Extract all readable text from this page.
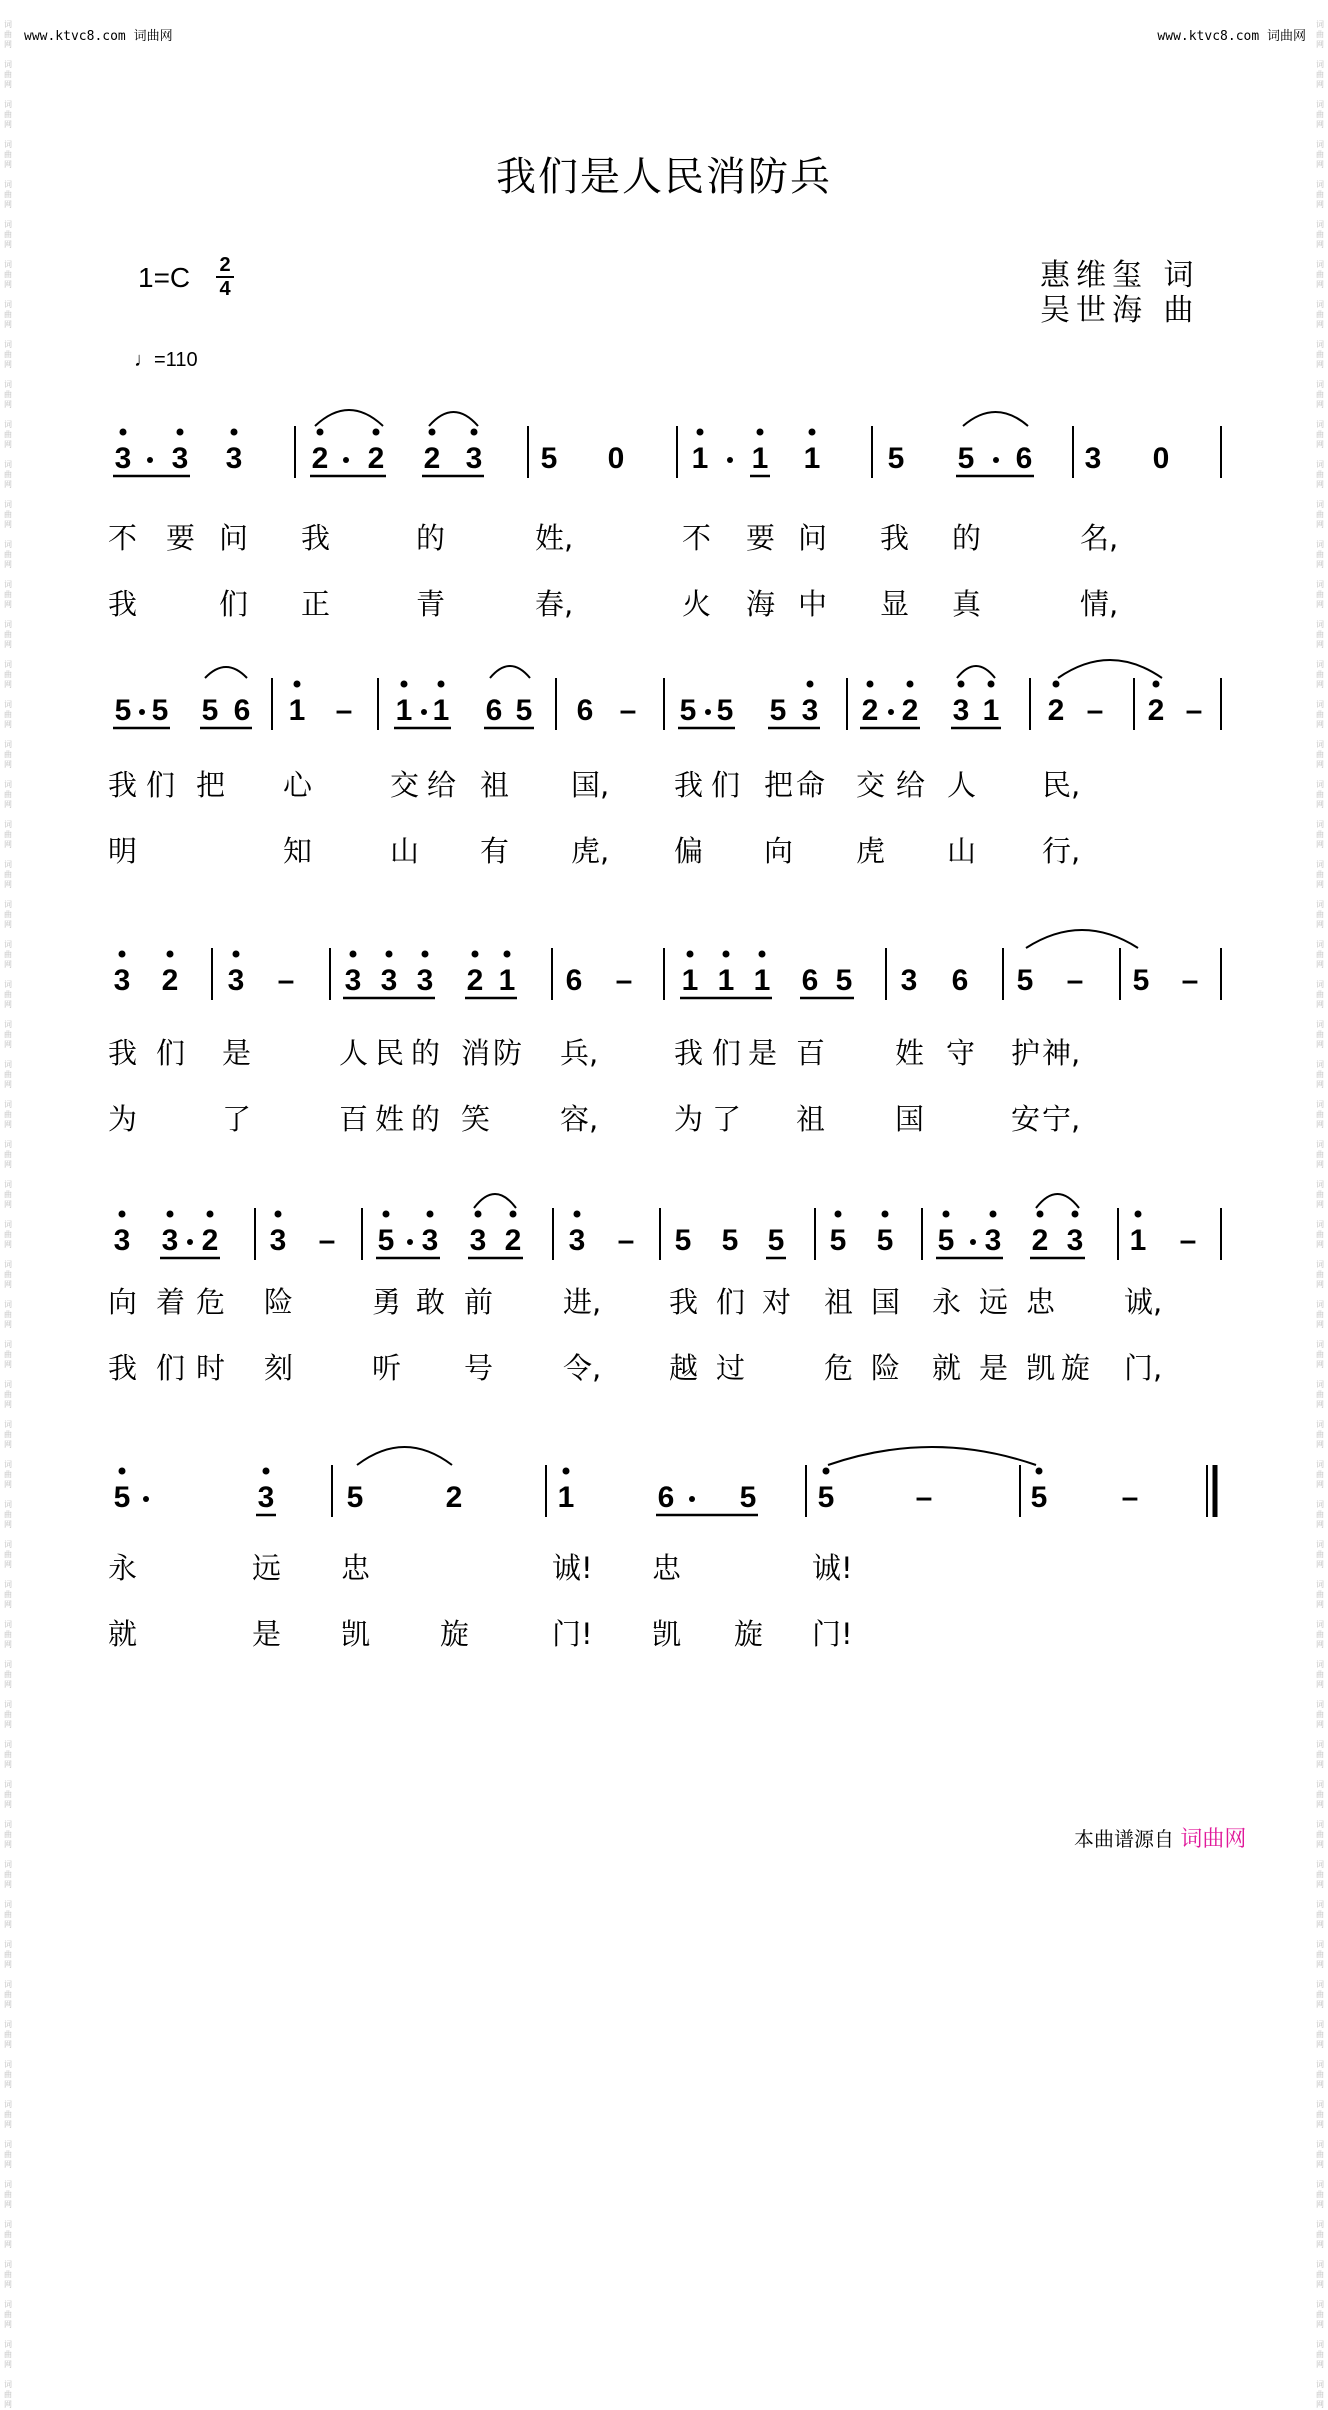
词
曲
网

词
曲
网

词
曲
网

词
曲
网

词
曲
网

词
曲
网

词
曲
网

词
曲
网

词
曲
网

词
曲
网

词
曲
网

词
曲
网

词
曲
网

词
曲
网

词
曲
网

词
曲
网

词
曲
网

词
曲
网

词
曲
网

词
曲
网

词
曲
网

词
曲
网

词
曲
网

词
曲
网

词
曲
网

词
曲
网

词
曲
网

词
曲
网

词
曲
网

词
曲
网

词
曲
网

词
曲
网

词
曲
网

词
曲
网

词
曲
网

词
曲
网

词
曲
网

词
曲
网

词
曲
网

词
曲
网

词
曲
网

词
曲
网

词
曲
网

词
曲
网

词
曲
网

词
曲
网

词
曲
网

词
曲
网

词
曲
网

词
曲
网

词
曲
网

词
曲
网

词
曲
网

词
曲
网

词
曲
网

词
曲
网

词
曲
网

词
曲
网

词
曲
网

词
曲
网

词
曲
网

词
曲
网

词
曲
网

词
曲
网

词
曲
网

词
曲
网

词
曲
网

词
曲
网

词
曲
网

词
曲
网

词
曲
网

词
曲
网

词
曲
网

词
曲
网

词
曲
网

词
曲
网

词
曲
网

词
曲
网

词
曲
网

词
曲
网

词
曲
网

词
曲
网

词
曲
网

词
曲
网

词
曲
网

词
曲
网

词
曲
网

词
曲
网

词
曲
网

词
曲
网

词
曲
网

词
曲
网

词
曲
网

词
曲
网

词
曲
网

词
曲
网

词
曲
网

词
曲
网

词
曲
网

词
曲
网

词
曲
网

词
曲
网

词
曲
网

词
曲
网

词
曲
网

词
曲
网

词
曲
网

词
曲
网

词
曲
网

词
曲
网

词
曲
网

词
曲
网

词
曲
网

词
曲
网

词
曲
网

词
曲
网

词
曲
网

词
曲
网

词
曲
网

词
曲
网

www.ktvc8.com 词曲网	www.ktvc8.com 词曲网
我们是人民消防兵
1=C 2
4
♩=110
惠维玺 词
吴世海 曲
3 3 3 2 2 2 3 5 0 1 1 1 5 5 6 3 0
5 5 5 6 1 – 1 1 6 5 6 – 5 5 5 3 2 2 3 1 2 – 2 –
3 2 3 – 3 3 3 2 1 6 – 1 1 1 6 5 3 6 5 – 5 –
3 3 2 3 – 5 3 3 2 3 – 5 5 5 5 5 5 3 2 3 1 –
5	3 5	2	1	6 5 5	–	5 –
不 要 问	我	的	姓,	不	要 问	我	的	名,
我	们	正	青	春,	火	海 中	显	真	情,
我 们 把	心	交 给 祖	国, 我 们 把 命	交 给 人	民,
明	知	山	有	虎, 偏	向	虎	山	行,
我 们	是	人 民 的 消 防	兵,	我 们 是 百	姓 守	护 神,
为	了	百 姓 的 笑	容,	为 了	祖	国	安 宁,
向 着 危	险	勇 敢 前	进, 我 们 对	祖 国	永 远 忠	诚,
我 们 时	刻	听	号	令, 越 过	危 险	就 是 凯 旋	门,
永	远	忠	诚! 忠	诚!
就	是	凯	旋	门! 凯	旋	门!
本曲谱源自 词曲网
